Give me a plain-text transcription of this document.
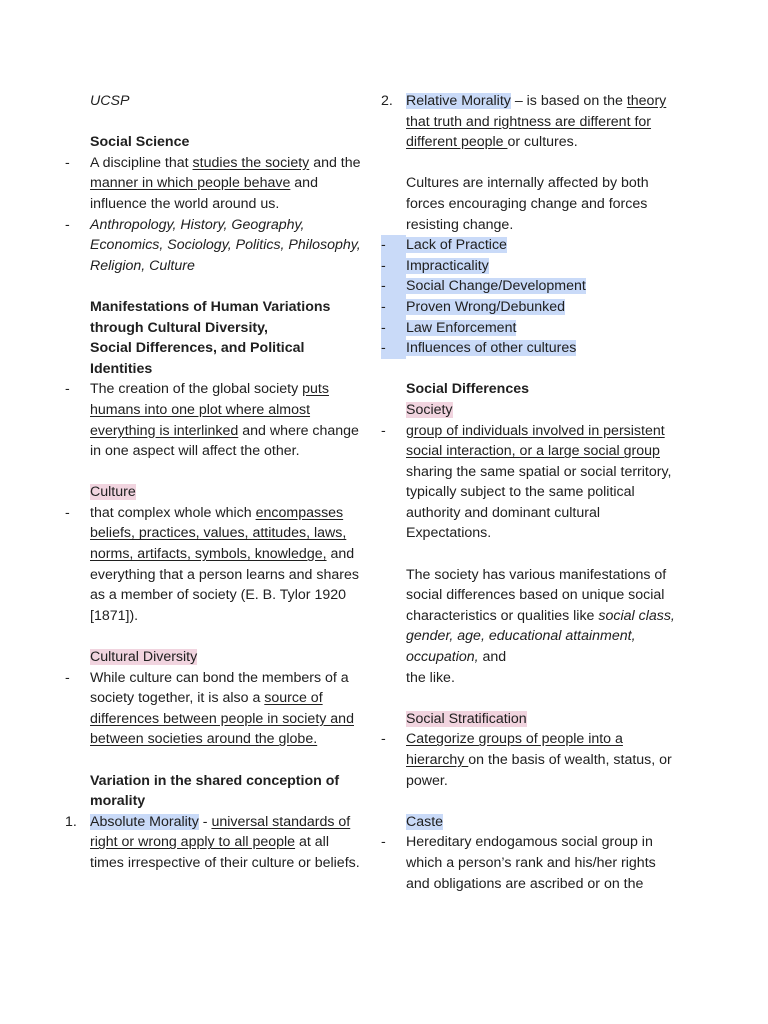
UCSP
Social Science
-	A discipline that studies the society and the manner in which people behave and influence the world around us.
-	Anthropology, History, Geography, Economics, Sociology, Politics, Philosophy, Religion, Culture
Manifestations of Human Variations through Cultural Diversity,
Social Differences, and Political Identities
-	The creation of the global society puts humans into one plot where almost everything is interlinked and where change in one aspect will affect the other.
Culture
-	that complex whole which encompasses beliefs, practices, values, attitudes, laws, norms, artifacts, symbols, knowledge, and everything that a person learns and shares as a member of society (E. B. Tylor 1920 [1871]).
Cultural Diversity
-	While culture can bond the members of a society together, it is also a source of differences between people in society and between societies around the globe.
Variation in the shared conception of morality
1. Absolute Morality - universal standards of right or wrong apply to all people at all times irrespective of their culture or beliefs.
2. Relative Morality – is based on the theory that truth and rightness are different for different people or cultures.
Cultures are internally affected by both forces encouraging change and forces resisting change.
-	Lack of Practice
-	Impracticality
-	Social Change/Development
-	Proven Wrong/Debunked
-	Law Enforcement
-	Influences of other cultures
Social Differences
Society
-	group of individuals involved in persistent social interaction, or a large social group sharing the same spatial or social territory, typically subject to the same political authority and dominant cultural Expectations.
The society has various manifestations of social differences based on unique social characteristics or qualities like social class, gender, age, educational attainment, occupation, and
the like.
Social Stratification
-	Categorize groups of people into a hierarchy on the basis of wealth, status, or power.
Caste
-	Hereditary endogamous social group in which a person’s rank and his/her rights and obligations are ascribed or on the
